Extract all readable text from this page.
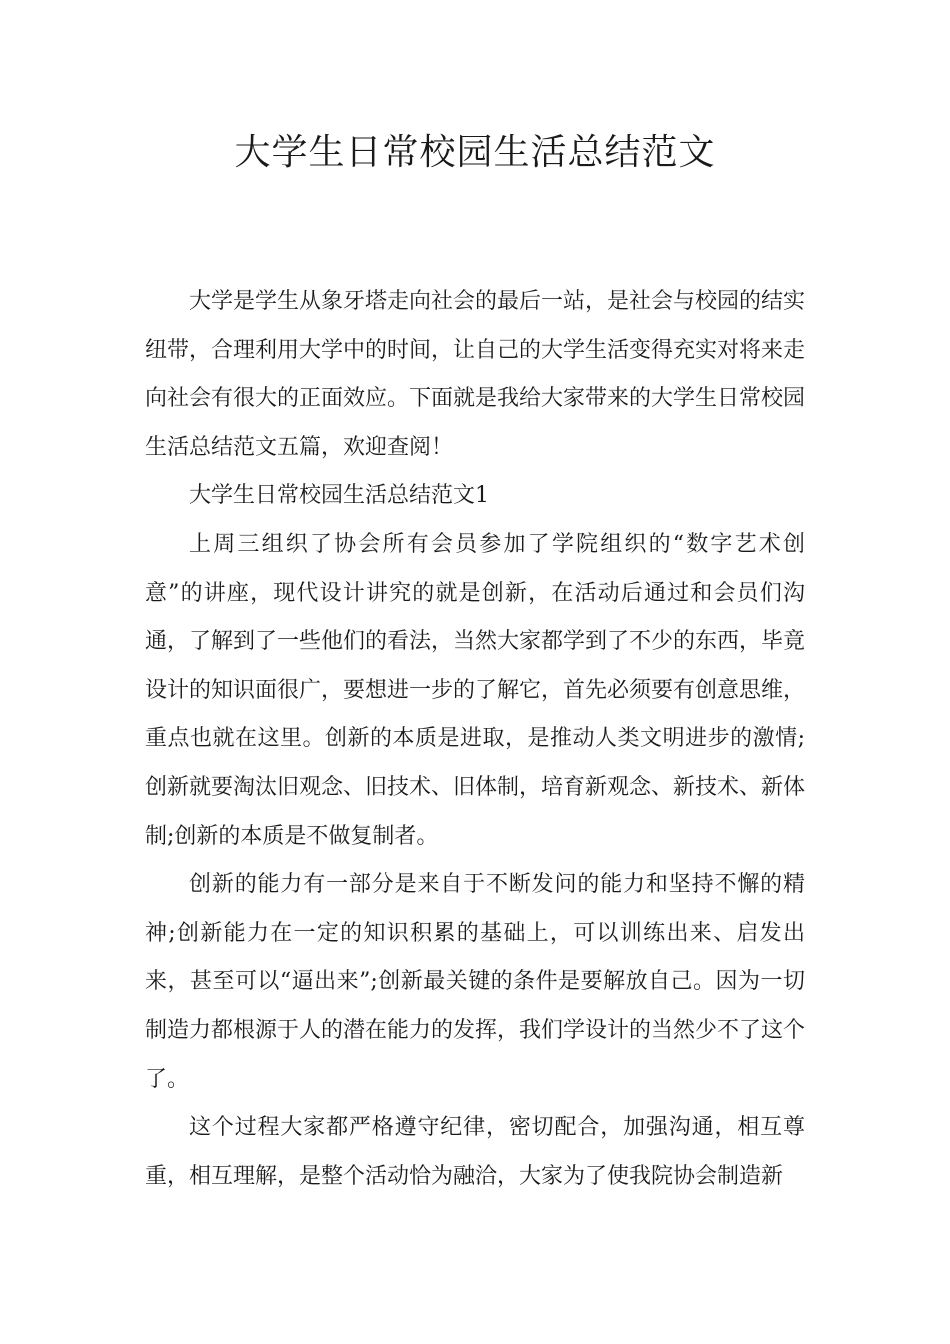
大学生日常校园生活总结范文

大学是学生从象牙塔走向社会的最后一站，是社会与校园的结实纽带，合理利用大学中的时间，让自己的大学生活变得充实对将来走向社会有很大的正面效应。下面就是我给大家带来的大学生日常校园生活总结范文五篇，欢迎查阅！

大学生日常校园生活总结范文1

上周三组织了协会所有会员参加了学院组织的“数字艺术创意”的讲座，现代设计讲究的就是创新，在活动后通过和会员们沟通，了解到了一些他们的看法，当然大家都学到了不少的东西，毕竟设计的知识面很广，要想进一步的了解它，首先必须要有创意思维，重点也就在这里。创新的本质是进取，是推动人类文明进步的激情;创新就要淘汰旧观念、旧技术、旧体制，培育新观念、新技术、新体制;创新的本质是不做复制者。

创新的能力有一部分是来自于不断发问的能力和坚持不懈的精神;创新能力在一定的知识积累的基础上，可以训练出来、启发出来，甚至可以“逼出来”;创新最关键的条件是要解放自己。因为一切制造力都根源于人的潜在能力的发挥，我们学设计的当然少不了这个了。

这个过程大家都严格遵守纪律，密切配合，加强沟通，相互尊重，相互理解，是整个活动恰为融洽，大家为了使我院协会制造新
